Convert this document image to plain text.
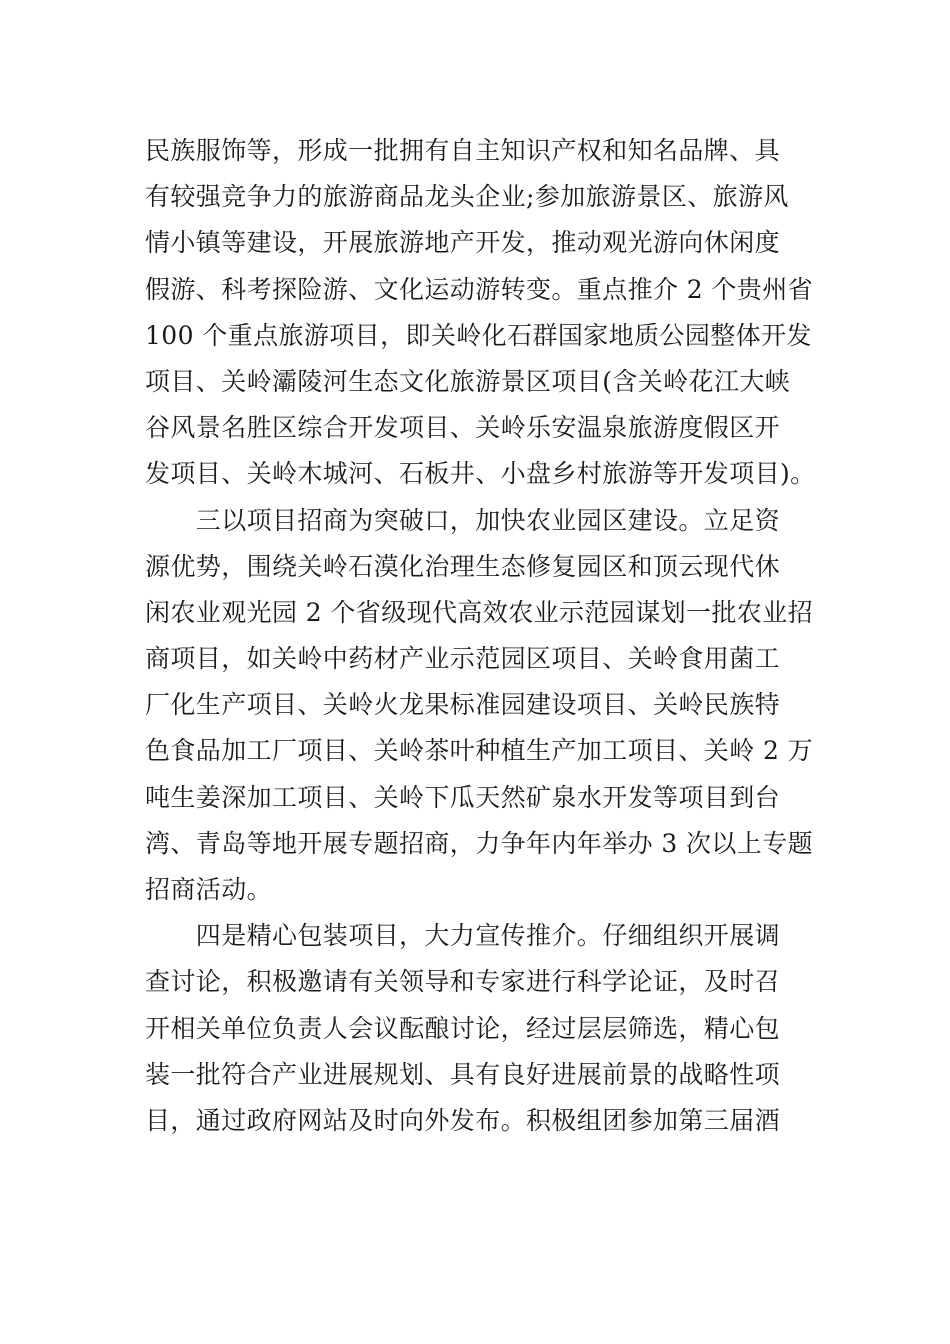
民族服饰等，形成一批拥有自主知识产权和知名品牌、具
有较强竞争力的旅游商品龙头企业;参加旅游景区、旅游风
情小镇等建设，开展旅游地产开发，推动观光游向休闲度
假游、科考探险游、文化运动游转变。重点推介 2 个贵州省
100 个重点旅游项目，即关岭化石群国家地质公园整体开发
项目、关岭灞陵河生态文化旅游景区项目(含关岭花江大峡
谷风景名胜区综合开发项目、关岭乐安温泉旅游度假区开
发项目、关岭木城河、石板井、小盘乡村旅游等开发项目)。
　　三以项目招商为突破口，加快农业园区建设。立足资
源优势，围绕关岭石漠化治理生态修复园区和顶云现代休
闲农业观光园 2 个省级现代高效农业示范园谋划一批农业招
商项目，如关岭中药材产业示范园区项目、关岭食用菌工
厂化生产项目、关岭火龙果标准园建设项目、关岭民族特
色食品加工厂项目、关岭茶叶种植生产加工项目、关岭 2 万
吨生姜深加工项目、关岭下瓜天然矿泉水开发等项目到台
湾、青岛等地开展专题招商，力争年内年举办 3 次以上专题
招商活动。
　　四是精心包装项目，大力宣传推介。仔细组织开展调
查讨论，积极邀请有关领导和专家进行科学论证，及时召
开相关单位负责人会议酝酿讨论，经过层层筛选，精心包
装一批符合产业进展规划、具有良好进展前景的战略性项
目，通过政府网站及时向外发布。积极组团参加第三届酒
